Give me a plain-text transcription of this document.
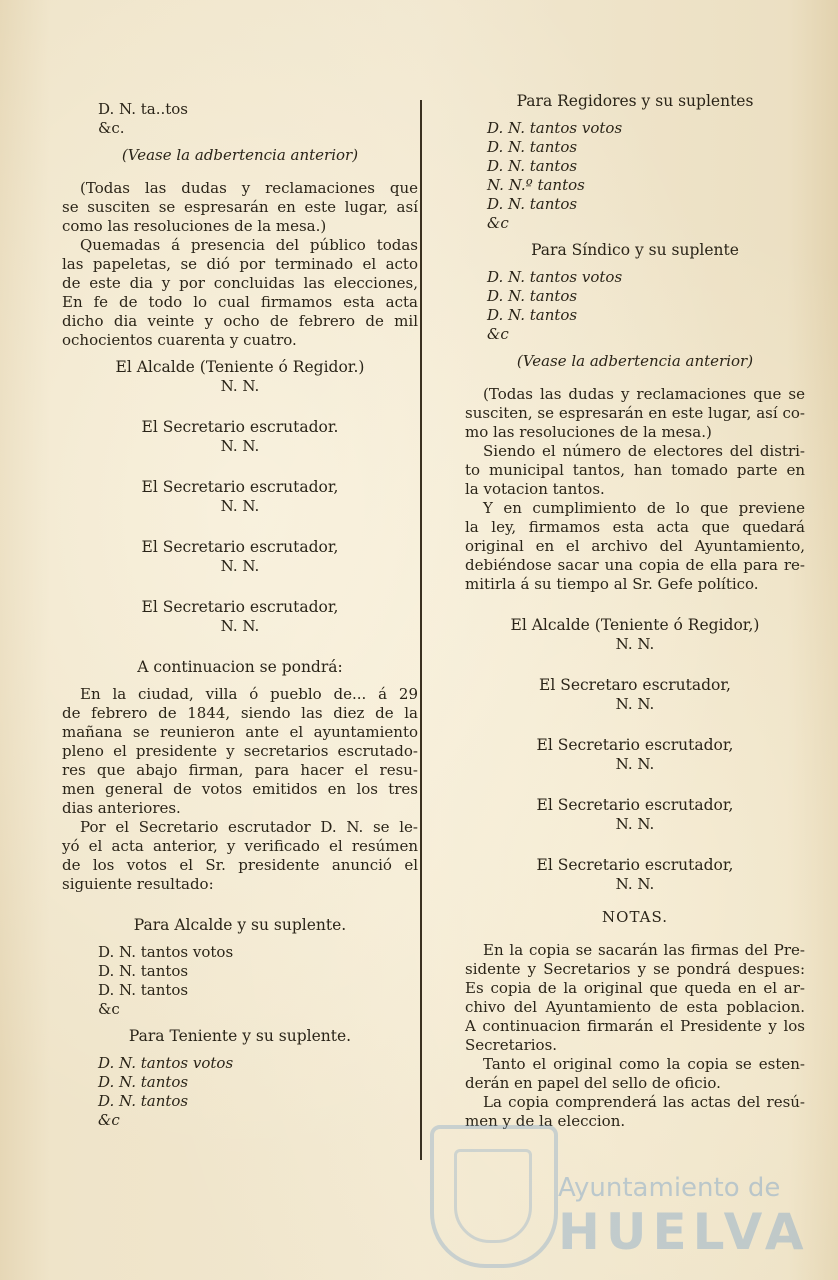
D. N. ta..tos
&c.
(Vease la adbertencia anterior)
(Todas las dudas y reclamaciones que
se susciten se espresarán en este lugar, así
como las resoluciones de la mesa.)
Quemadas á presencia del público todas
las papeletas, se dió por terminado el acto
de este dia y por concluidas las elecciones,
En fe de todo lo cual firmamos esta acta
dicho dia veinte y ocho de febrero de mil
ochocientos cuarenta y cuatro.
El Alcalde (Teniente ó Regidor.)
N. N.
El Secretario escrutador.
N. N.
El Secretario escrutador,
N. N.
El Secretario escrutador,
N. N.
El Secretario escrutador,
N. N.
A continuacion se pondrá:
En la ciudad, villa ó pueblo de... á 29
de febrero de 1844, siendo las diez de la
mañana se reunieron ante el ayuntamiento
pleno el presidente y secretarios escrutado-
res que abajo firman, para hacer el resu-
men general de votos emitidos en los tres
dias anteriores.
Por el Secretario escrutador D. N. se le-
yó el acta anterior, y verificado el resúmen
de los votos el Sr. presidente anunció el
siguiente resultado:
Para Alcalde y su suplente.
D. N. tantos votos
D. N. tantos
D. N. tantos
&c
Para Teniente y su suplente.
D. N. tantos votos
D. N. tantos
D. N. tantos
&c
Para Regidores y su suplentes
D. N. tantos votos
D. N. tantos
D. N. tantos
N. N.º tantos
D. N. tantos
&c
Para Síndico y su suplente
D. N. tantos votos
D. N. tantos
D. N. tantos
&c
(Vease la adbertencia anterior)
(Todas las dudas y reclamaciones que se
susciten, se espresarán en este lugar, así co-
mo las resoluciones de la mesa.)
Siendo el número de electores del distri-
to municipal tantos, han tomado parte en
la votacion tantos.
Y en cumplimiento de lo que previene
la ley, firmamos esta acta que quedará
original en el archivo del Ayuntamiento,
debiéndose sacar una copia de ella para re-
mitirla á su tiempo al Sr. Gefe político.
El Alcalde (Teniente ó Regidor,)
N. N.
El Secretaro escrutador,
N. N.
El Secretario escrutador,
N. N.
El Secretario escrutador,
N. N.
El Secretario escrutador,
N. N.
NOTAS.
En la copia se sacarán las firmas del Pre-
sidente y Secretarios y se pondrá despues:
Es copia de la original que queda en el ar-
chivo del Ayuntamiento de esta poblacion.
A continuacion firmarán el Presidente y los
Secretarios.
Tanto el original como la copia se esten-
derán en papel del sello de oficio.
La copia comprenderá las actas del resú-
men y de la eleccion.
Ayuntamiento de
HUELVA
